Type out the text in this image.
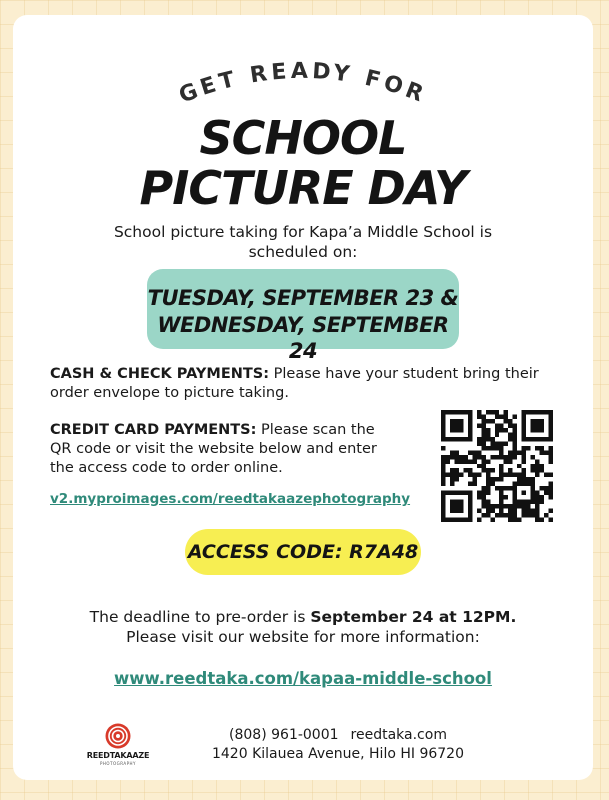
GET READY FOR
SCHOOL
PICTURE DAY
School picture taking for Kapa’a Middle School is
scheduled on:
TUESDAY, SEPTEMBER 23 &
WEDNESDAY, SEPTEMBER 24
CASH & CHECK PAYMENTS: Please have your student bring their order envelope to picture taking.
CREDIT CARD PAYMENTS: Please scan the QR code or visit the website below and enter the access code to order online.
v2.myproimages.com/reedtakaazephotography
ACCESS CODE: R7A48
The deadline to pre-order is September 24 at 12PM.
Please visit our website for more information:
www.reedtaka.com/kapaa-middle-school
REEDTAKAAZE
PHOTOGRAPHY
(808) 961-0001 reedtaka.com
1420 Kilauea Avenue, Hilo HI 96720
